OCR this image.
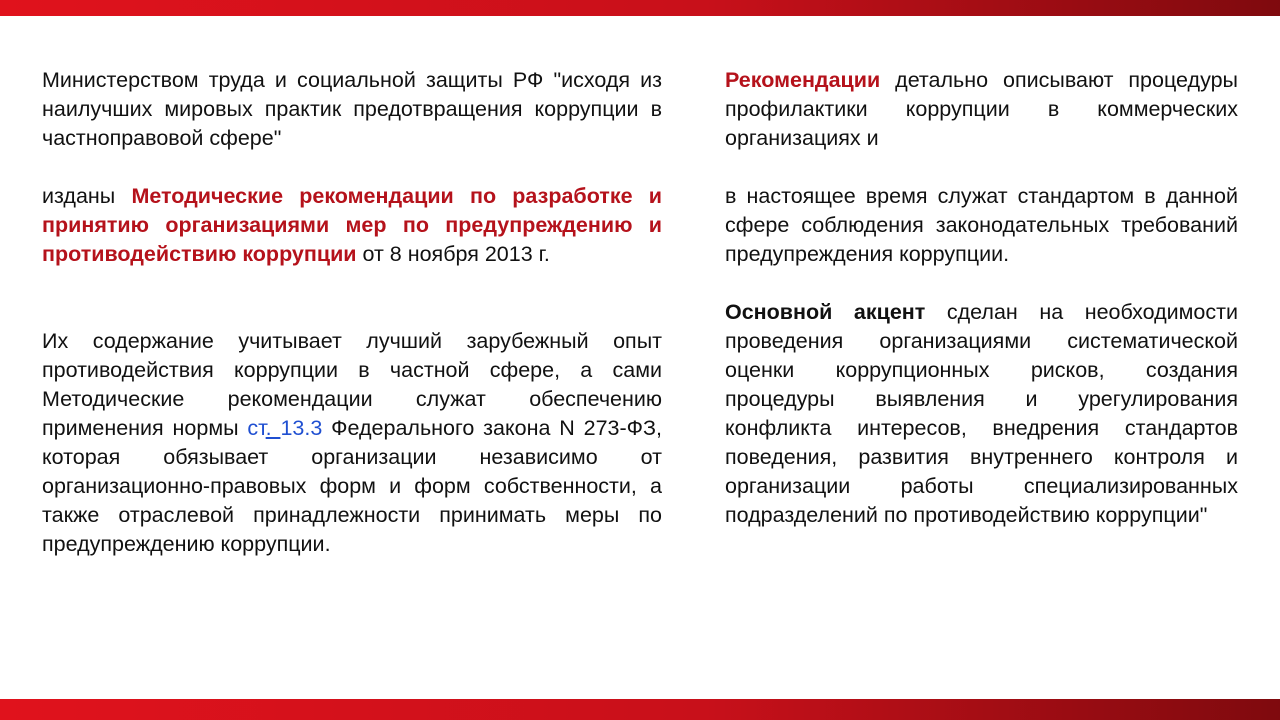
Министерством труда и социальной защиты РФ "исходя из наилучших мировых практик предотвращения коррупции в частноправовой сфере"

изданы Методические рекомендации по разработке и принятию организациями мер по предупреждению и противодействию коррупции от 8 ноября 2013 г.

Их содержание учитывает лучший зарубежный опыт противодействия коррупции в частной сфере, а сами Методические рекомендации служат обеспечению применения нормы ст. 13.3 Федерального закона N 273-ФЗ, которая обязывает организации независимо от организационно-правовых форм и форм собственности, а также отраслевой принадлежности принимать меры по предупреждению коррупции.

Рекомендации детально описывают процедуры профилактики коррупции в коммерческих организациях и

в настоящее время служат стандартом в данной сфере соблюдения законодательных требований предупреждения коррупции.

Основной акцент сделан на необходимости проведения организациями систематической оценки коррупционных рисков, создания процедуры выявления и урегулирования конфликта интересов, внедрения стандартов поведения, развития внутреннего контроля и организации работы специализированных подразделений по противодействию коррупции"
